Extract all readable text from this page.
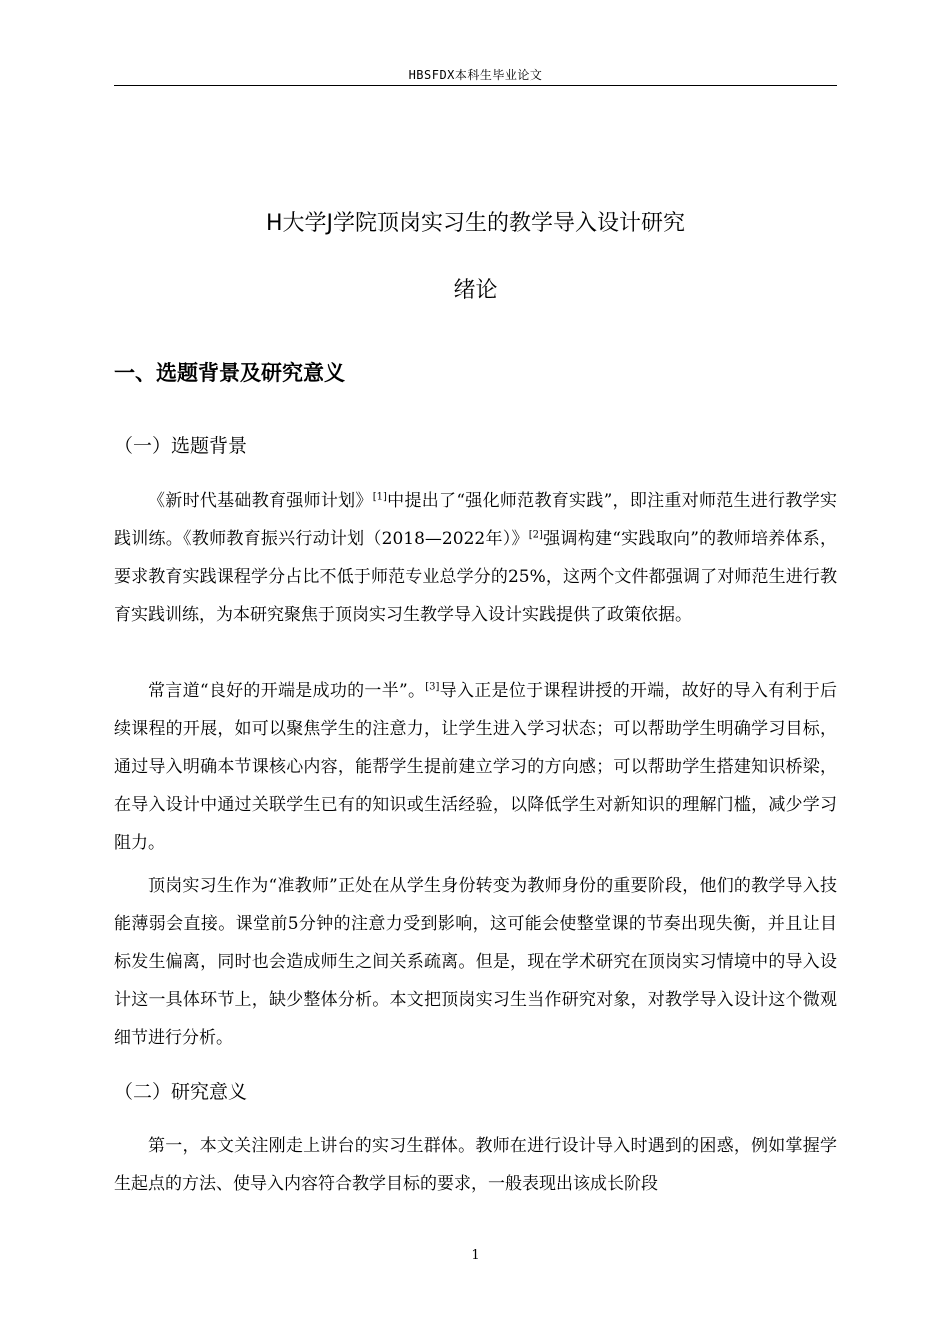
HBSFDX本科生毕业论文
H大学J学院顶岗实习生的教学导入设计研究
绪论
一、选题背景及研究意义
（一）选题背景

《新时代基础教育强师计划》[1]中提出了“强化师范教育实践”，即注重对师范生进行教学实践训练。《教师教育振兴行动计划（2018—2022年）》[2]强调构建“实践取向”的教师培养体系，要求教育实践课程学分占比不低于师范专业总学分的25%，这两个文件都强调了对师范生进行教育实践训练，为本研究聚焦于顶岗实习生教学导入设计实践提供了政策依据。

常言道“良好的开端是成功的一半”。[3]导入正是位于课程讲授的开端，故好的导入有利于后续课程的开展，如可以聚焦学生的注意力，让学生进入学习状态；可以帮助学生明确学习目标，通过导入明确本节课核心内容，能帮学生提前建立学习的方向感；可以帮助学生搭建知识桥梁，在导入设计中通过关联学生已有的知识或生活经验，以降低学生对新知识的理解门槛，减少学习阻力。

顶岗实习生作为“准教师”正处在从学生身份转变为教师身份的重要阶段，他们的教学导入技能薄弱会直接。课堂前5分钟的注意力受到影响，这可能会使整堂课的节奏出现失衡，并且让目标发生偏离，同时也会造成师生之间关系疏离。但是，现在学术研究在顶岗实习情境中的导入设计这一具体环节上，缺少整体分析。本文把顶岗实习生当作研究对象，对教学导入设计这个微观细节进行分析。

（二）研究意义

第一，本文关注刚走上讲台的实习生群体。教师在进行设计导入时遇到的困惑，例如掌握学生起点的方法、使导入内容符合教学目标的要求，一般表现出该成长阶段

1
